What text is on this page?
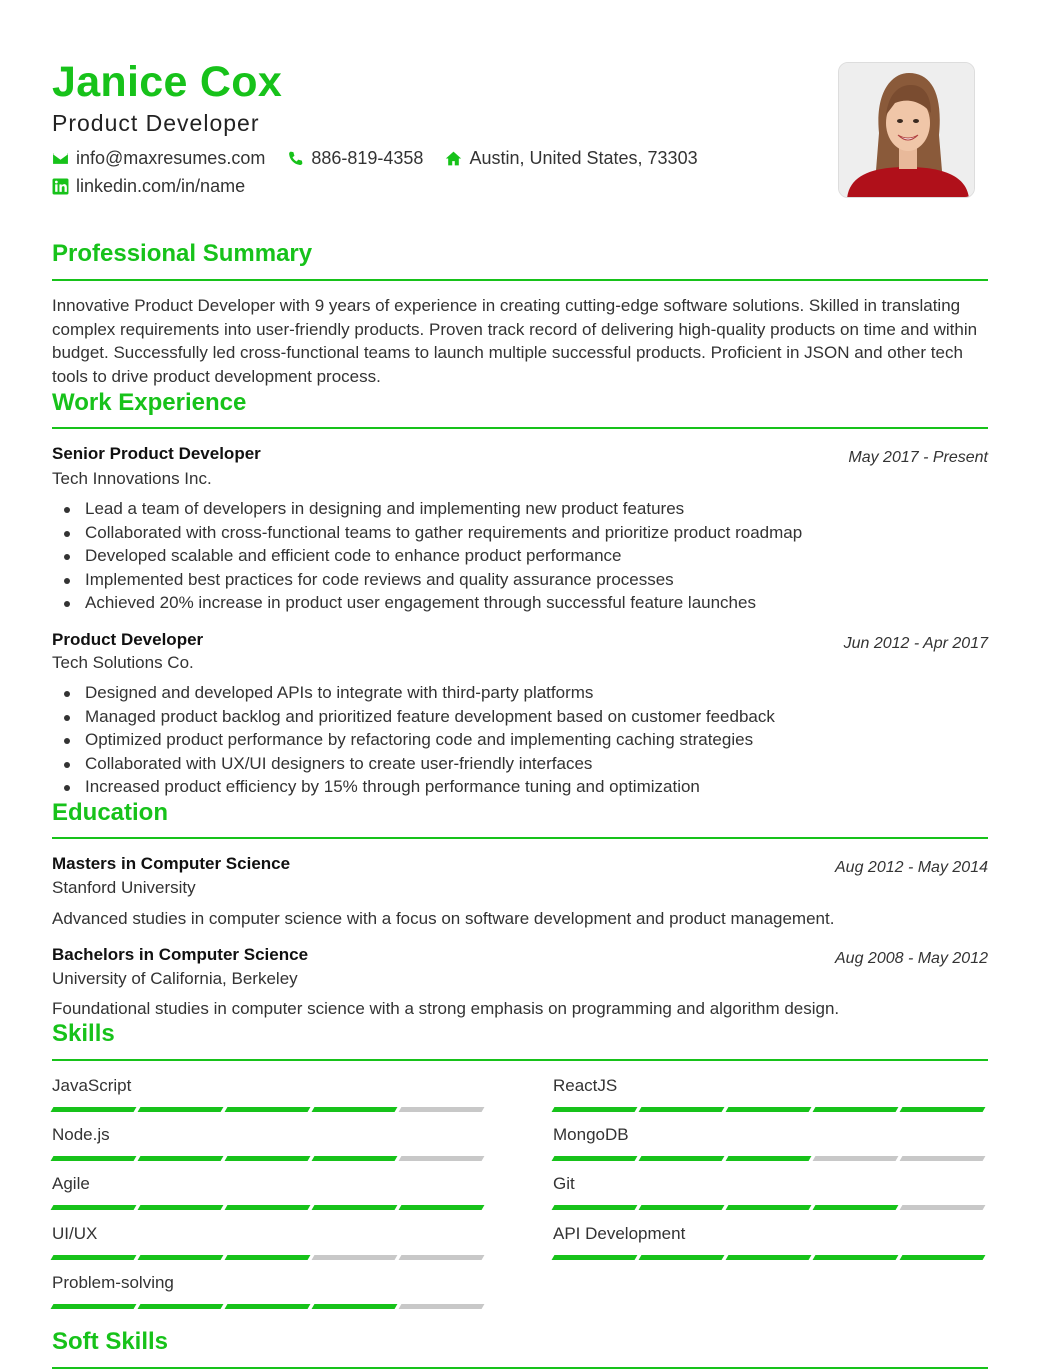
Janice Cox
Product Developer
info@maxresumes.com	886-819-4358	Austin, United States, 73303
linkedin.com/in/name
Professional Summary
Innovative Product Developer with 9 years of experience in creating cutting-edge software solutions. Skilled in translating complex requirements into user-friendly products. Proven track record of delivering high-quality products on time and within budget. Successfully led cross-functional teams to launch multiple successful products. Proficient in JSON and other tech tools to drive product development process.
Work Experience
Senior Product Developer	May 2017 - Present
Tech Innovations Inc.
Lead a team of developers in designing and implementing new product features
Collaborated with cross-functional teams to gather requirements and prioritize product roadmap
Developed scalable and efficient code to enhance product performance
Implemented best practices for code reviews and quality assurance processes
Achieved 20% increase in product user engagement through successful feature launches
Product Developer	Jun 2012 - Apr 2017
Tech Solutions Co.
Designed and developed APIs to integrate with third-party platforms
Managed product backlog and prioritized feature development based on customer feedback
Optimized product performance by refactoring code and implementing caching strategies
Collaborated with UX/UI designers to create user-friendly interfaces
Increased product efficiency by 15% through performance tuning and optimization
Education
Masters in Computer Science	Aug 2012 - May 2014
Stanford University
Advanced studies in computer science with a focus on software development and product management.
Bachelors in Computer Science	Aug 2008 - May 2012
University of California, Berkeley
Foundational studies in computer science with a strong emphasis on programming and algorithm design.
Skills
JavaScript	ReactJS
Node.js	MongoDB
Agile	Git
UI/UX	API Development
Problem-solving
Soft Skills
